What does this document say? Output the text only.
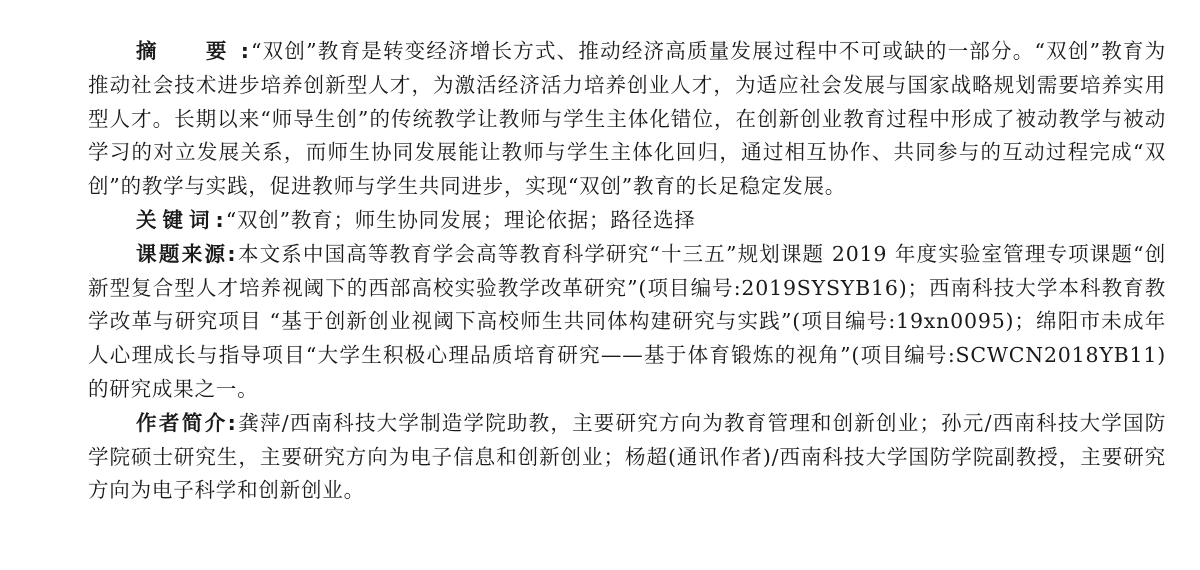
摘　要:“双创”教育是转变经济增长方式、推动经济高质量发展过程中不可或缺的一部分。“双创”教育为推动社会技术进步培养创新型人才，为激活经济活力培养创业人才，为适应社会发展与国家战略规划需要培养实用型人才。长期以来“师导生创”的传统教学让教师与学生主体化错位，在创新创业教育过程中形成了被动教学与被动学习的对立发展关系，而师生协同发展能让教师与学生主体化回归，通过相互协作、共同参与的互动过程完成“双创”的教学与实践，促进教师与学生共同进步，实现“双创”教育的长足稳定发展。

关键词:“双创”教育；师生协同发展；理论依据；路径选择

课题来源:本文系中国高等教育学会高等教育科学研究“十三五”规划课题 2019 年度实验室管理专项课题“创新型复合型人才培养视阈下的西部高校实验教学改革研究”(项目编号:2019SYSYB16)；西南科技大学本科教育教学改革与研究项目 “基于创新创业视阈下高校师生共同体构建研究与实践”(项目编号:19xn0095)；绵阳市未成年人心理成长与指导项目“大学生积极心理品质培育研究——基于体育锻炼的视角”(项目编号:SCWCN2018YB11)的研究成果之一。

作者简介:龚萍/西南科技大学制造学院助教，主要研究方向为教育管理和创新创业；孙元/西南科技大学国防学院硕士研究生，主要研究方向为电子信息和创新创业；杨超(通讯作者)/西南科技大学国防学院副教授，主要研究方向为电子科学和创新创业。
